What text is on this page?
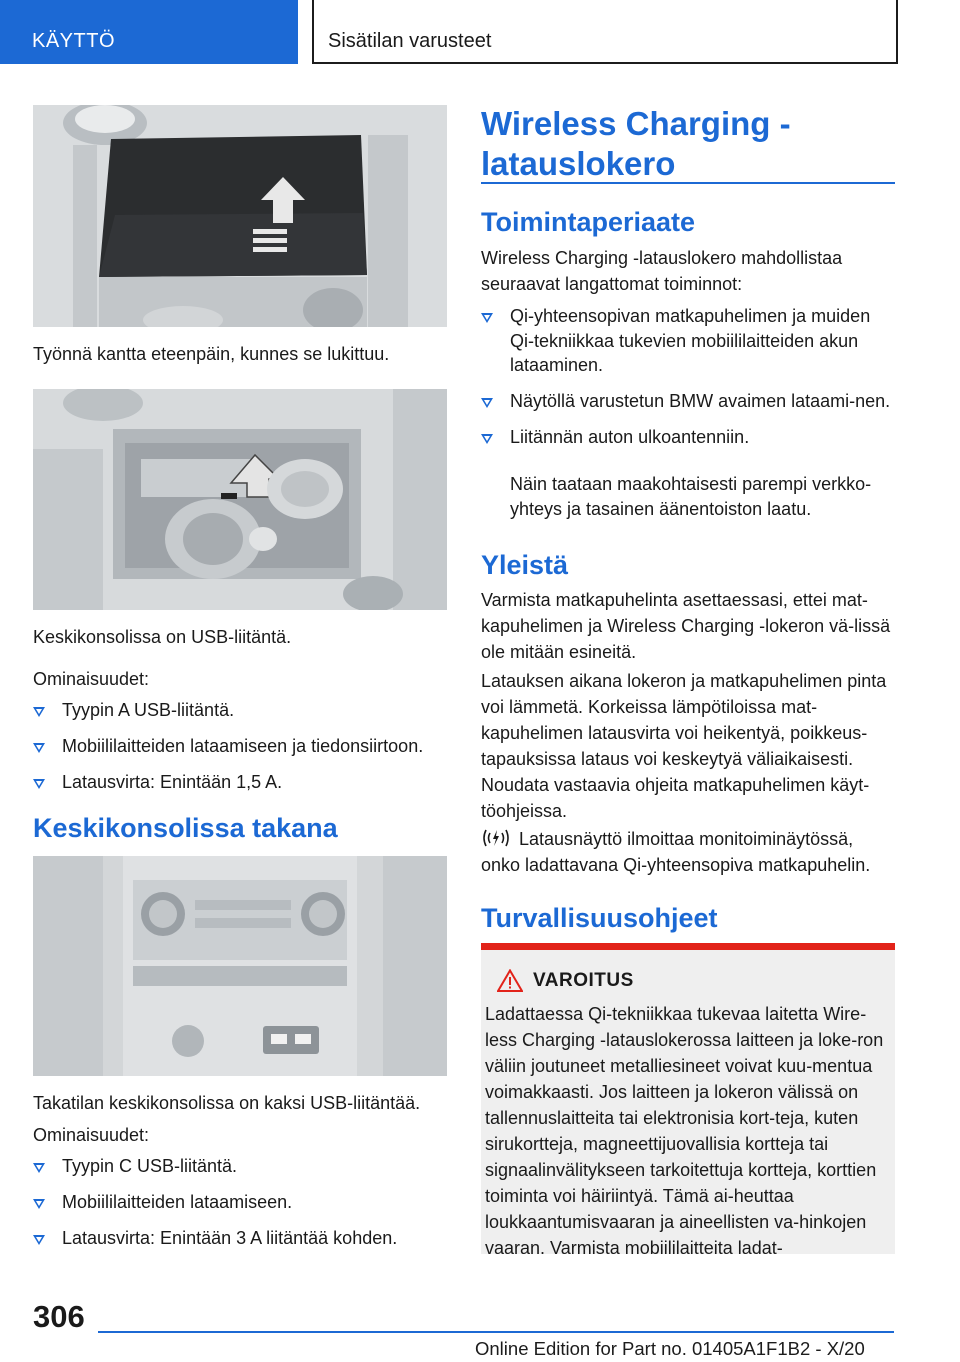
KÄYTTÖ	Sisätilan varusteet
Työnnä kantta eteenpäin, kunnes se lukittuu.
Keskikonsolissa on USB-liitäntä.
Ominaisuudet:
Tyypin A USB-liitäntä.
Mobiililaitteiden lataamiseen ja tiedonsiirtoon.
Latausvirta: Enintään 1,5 A.
Keskikonsolissa takana
Takatilan keskikonsolissa on kaksi USB-liitäntää.
Ominaisuudet:
Tyypin C USB-liitäntä.
Mobiililaitteiden lataamiseen.
Latausvirta: Enintään 3 A liitäntää kohden.
Wireless Charging -
latauslokero
Toimintaperiaate
Wireless Charging -latauslokero mahdollistaa seuraavat langattomat toiminnot:
Qi-yhteensopivan matkapuhelimen ja muiden Qi-tekniikkaa tukevien mobiililaitteiden akun lataaminen.
Näytöllä varustetun BMW avaimen lataami-nen.
Liitännän auton ulkoantenniin.
Näin taataan maakohtaisesti parempi verkko-yhteys ja tasainen äänentoiston laatu.
Yleistä
Varmista matkapuhelinta asettaessasi, ettei mat-kapuhelimen ja Wireless Charging -lokeron vä-lissä ole mitään esineitä.
Latauksen aikana lokeron ja matkapuhelimen pinta voi lämmetä. Korkeissa lämpötiloissa mat-kapuhelimen latausvirta voi heikentyä, poikkeus-tapauksissa lataus voi keskeytyä väliaikaisesti. Noudata vastaavia ohjeita matkapuhelimen käyt-töohjeissa.
Latausnäyttö ilmoittaa monitoiminäytössä, onko ladattavana Qi-yhteensopiva matkapuhelin.
Turvallisuusohjeet
VAROITUS
Ladattaessa Qi-tekniikkaa tukevaa laitetta Wire-less Charging -latauslokerossa laitteen ja loke-ron väliin joutuneet metalliesineet voivat kuu-mentua voimakkaasti. Jos laitteen ja lokeron välissä on tallennuslaitteita tai elektronisia kort-teja, kuten sirukortteja, magneettijuovallisia kortteja tai signaalinvälitykseen tarkoitettuja kortteja, korttien toiminta voi häiriintyä. Tämä ai-heuttaa loukkaantumisvaaran ja aineellisten va-hinkojen vaaran. Varmista mobiililaitteita ladat-
306
Online Edition for Part no. 01405A1F1B2 - X/20
